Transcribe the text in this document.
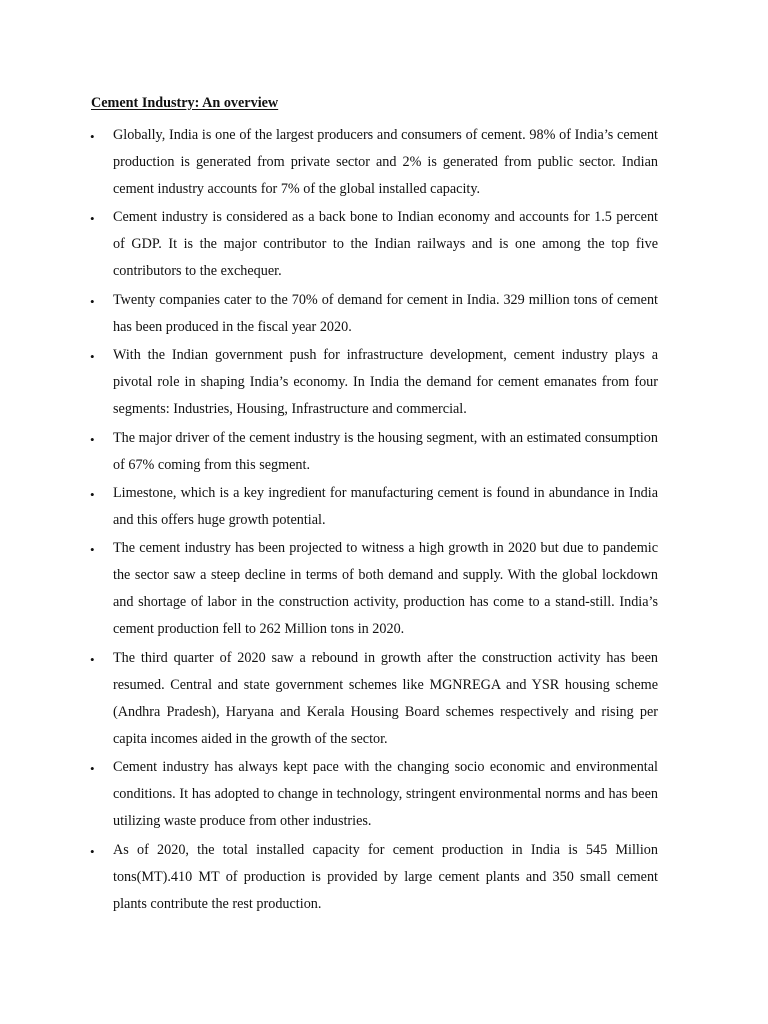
Cement Industry: An overview
• Globally, India is one of the largest producers and consumers of cement. 98% of India’s cement production is generated from private sector and 2% is generated from public sector. Indian cement industry accounts for 7% of the global installed capacity.
• Cement industry is considered as a back bone to Indian economy and accounts for 1.5 percent of GDP. It is the major contributor to the Indian railways and is one among the top five contributors to the exchequer.
• Twenty companies cater to the 70% of demand for cement in India. 329 million tons of cement has been produced in the fiscal year 2020.
• With the Indian government push for infrastructure development, cement industry plays a pivotal role in shaping India’s economy. In India the demand for cement emanates from four segments: Industries, Housing, Infrastructure and commercial.
• The major driver of the cement industry is the housing segment, with an estimated consumption of 67% coming from this segment.
• Limestone, which is a key ingredient for manufacturing cement is found in abundance in India and this offers huge growth potential.
• The cement industry has been projected to witness a high growth in 2020 but due to pandemic the sector saw a steep decline in terms of both demand and supply. With the global lockdown and shortage of labor in the construction activity, production has come to a stand-still. India’s cement production fell to 262 Million tons in 2020.
• The third quarter of 2020 saw a rebound in growth after the construction activity has been resumed. Central and state government schemes like MGNREGA and YSR housing scheme (Andhra Pradesh), Haryana and Kerala Housing Board schemes respectively and rising per capita incomes aided in the growth of the sector.
• Cement industry has always kept pace with the changing socio economic and environmental conditions. It has adopted to change in technology, stringent environmental norms and has been utilizing waste produce from other industries.
• As of 2020, the total installed capacity for cement production in India is 545 Million tons(MT).410 MT of production is provided by large cement plants and 350 small cement plants contribute the rest production.
